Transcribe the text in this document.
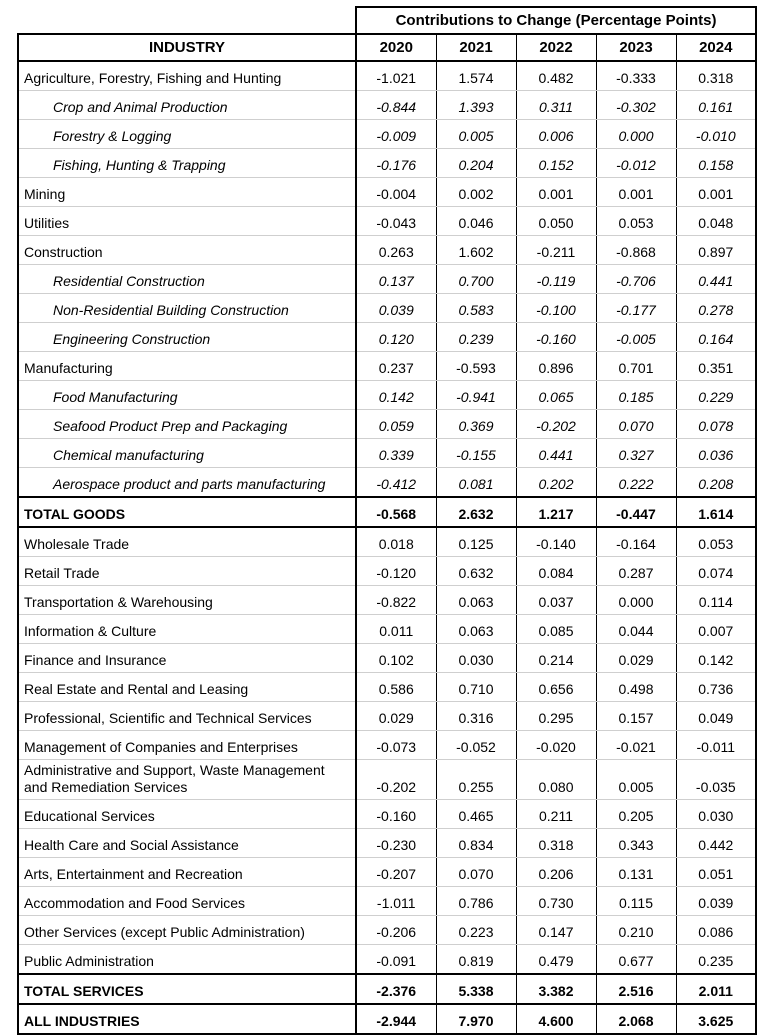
	Contributions to Change (Percentage Points)				
INDUSTRY	2020	2021	2022	2023	2024
Agriculture, Forestry, Fishing and Hunting	-1.021	1.574	0.482	-0.333	0.318
Crop and Animal Production	-0.844	1.393	0.311	-0.302	0.161
Forestry & Logging	-0.009	0.005	0.006	0.000	-0.010
Fishing, Hunting & Trapping	-0.176	0.204	0.152	-0.012	0.158
Mining	-0.004	0.002	0.001	0.001	0.001
Utilities	-0.043	0.046	0.050	0.053	0.048
Construction	0.263	1.602	-0.211	-0.868	0.897
Residential Construction	0.137	0.700	-0.119	-0.706	0.441
Non-Residential Building Construction	0.039	0.583	-0.100	-0.177	0.278
Engineering Construction	0.120	0.239	-0.160	-0.005	0.164
Manufacturing	0.237	-0.593	0.896	0.701	0.351
Food Manufacturing	0.142	-0.941	0.065	0.185	0.229
Seafood Product Prep and Packaging	0.059	0.369	-0.202	0.070	0.078
Chemical manufacturing	0.339	-0.155	0.441	0.327	0.036
Aerospace product and parts manufacturing	-0.412	0.081	0.202	0.222	0.208
TOTAL GOODS	-0.568	2.632	1.217	-0.447	1.614
Wholesale Trade	0.018	0.125	-0.140	-0.164	0.053
Retail Trade	-0.120	0.632	0.084	0.287	0.074
Transportation & Warehousing	-0.822	0.063	0.037	0.000	0.114
Information & Culture	0.011	0.063	0.085	0.044	0.007
Finance and Insurance	0.102	0.030	0.214	0.029	0.142
Real Estate and Rental and Leasing	0.586	0.710	0.656	0.498	0.736
Professional, Scientific and Technical Services	0.029	0.316	0.295	0.157	0.049
Management of Companies and Enterprises	-0.073	-0.052	-0.020	-0.021	-0.011
Administrative and Support, Waste Management and Remediation Services	-0.202	0.255	0.080	0.005	-0.035
Educational Services	-0.160	0.465	0.211	0.205	0.030
Health Care and Social Assistance	-0.230	0.834	0.318	0.343	0.442
Arts, Entertainment and Recreation	-0.207	0.070	0.206	0.131	0.051
Accommodation and Food Services	-1.011	0.786	0.730	0.115	0.039
Other Services (except Public Administration)	-0.206	0.223	0.147	0.210	0.086
Public Administration	-0.091	0.819	0.479	0.677	0.235
TOTAL SERVICES	-2.376	5.338	3.382	2.516	2.011
ALL INDUSTRIES	-2.944	7.970	4.600	2.068	3.625
